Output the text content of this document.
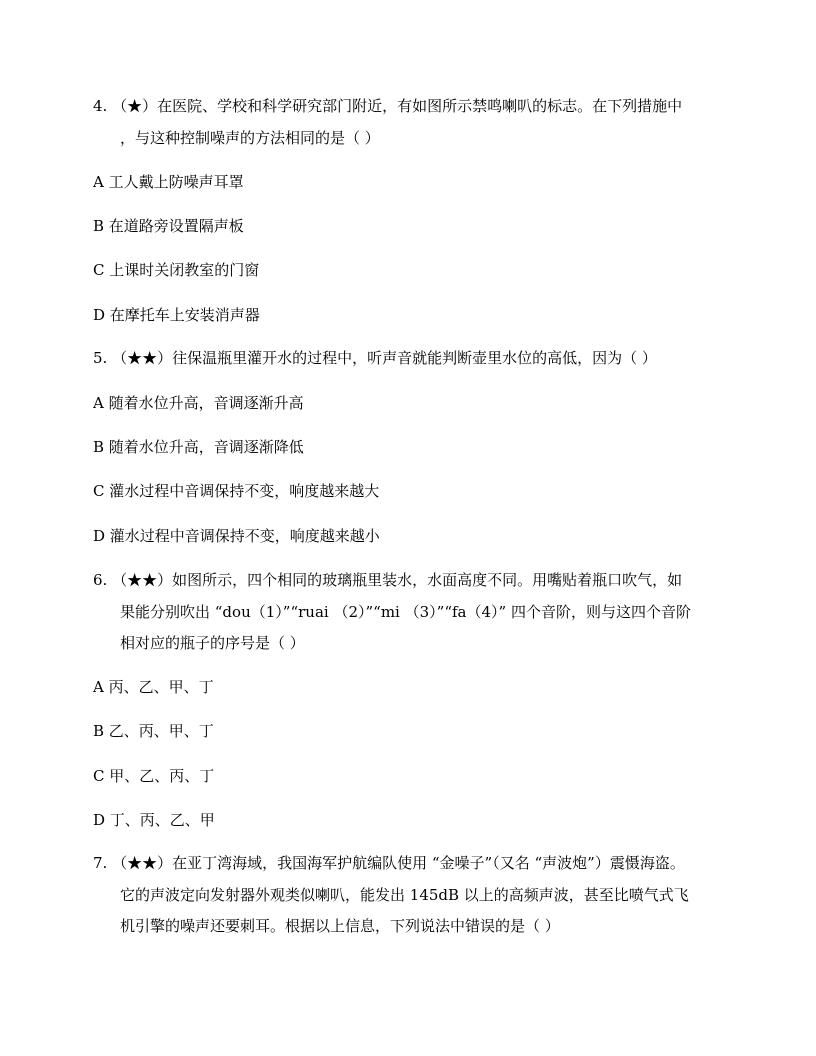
4. （★）在医院、学校和科学研究部门附近，有如图所示禁鸣喇叭的标志。在下列措施中
，与这种控制噪声的方法相同的是（ ）
A 工人戴上防噪声耳罩
B 在道路旁设置隔声板
C 上课时关闭教室的门窗
D 在摩托车上安装消声器
5. （★★）往保温瓶里灌开水的过程中，听声音就能判断壶里水位的高低，因为（ ）
A 随着水位升高，音调逐渐升高
B 随着水位升高，音调逐渐降低
C 灌水过程中音调保持不变，响度越来越大
D 灌水过程中音调保持不变，响度越来越小
6. （★★）如图所示，四个相同的玻璃瓶里装水，水面高度不同。用嘴贴着瓶口吹气，如
果能分别吹出 “dou（1）”“ruai （2）”“mi （3）”“fa（4）” 四个音阶，则与这四个音阶
相对应的瓶子的序号是（ ）
A 丙、乙、甲、丁
B 乙、丙、甲、丁
C 甲、乙、丙、丁
D 丁、丙、乙、甲
7. （★★）在亚丁湾海域，我国海军护航编队使用 “金噪子”（又名 “声波炮”）震慑海盗。
它的声波定向发射器外观类似喇叭，能发出 145dB 以上的高频声波，甚至比喷气式飞
机引擎的噪声还要刺耳。根据以上信息，下列说法中错误的是（ ）
